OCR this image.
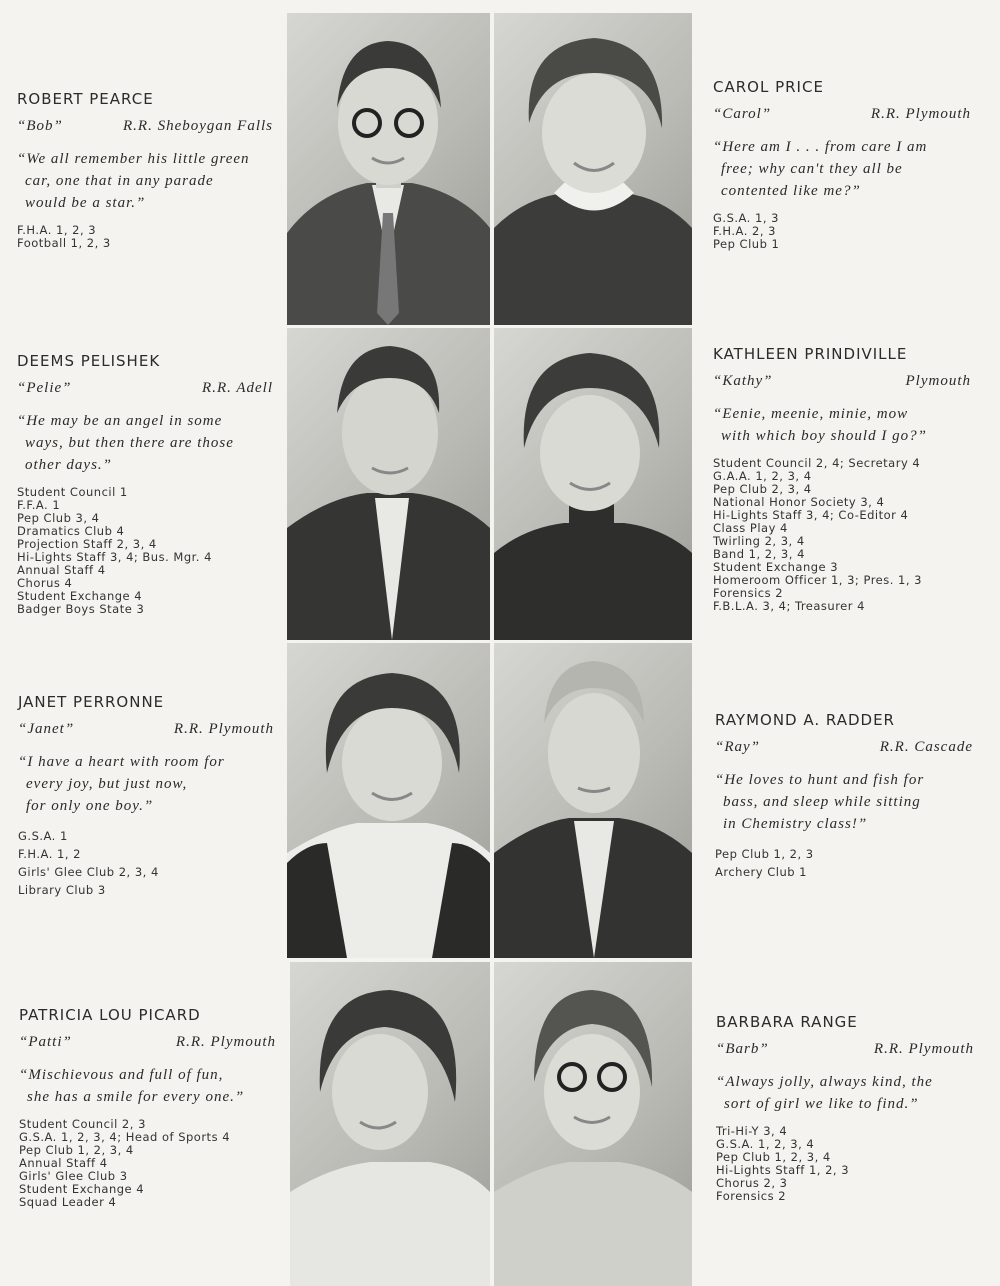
ROBERT PEARCE
“Bob”	R.R. Sheboygan Falls
“We all remember his little green
car, one that in any parade
would be a star.”
F.H.A. 1, 2, 3
Football 1, 2, 3
CAROL PRICE
“Carol”	R.R. Plymouth
“Here am I . . . from care I am
free; why can't they all be
contented like me?”
G.S.A. 1, 3
F.H.A. 2, 3
Pep Club 1
DEEMS PELISHEK
“Pelie”	R.R. Adell
“He may be an angel in some
ways, but then there are those
other days.”
Student Council 1
F.F.A. 1
Pep Club 3, 4
Dramatics Club 4
Projection Staff 2, 3, 4
Hi-Lights Staff 3, 4; Bus. Mgr. 4
Annual Staff 4
Chorus 4
Student Exchange 4
Badger Boys State 3
KATHLEEN PRINDIVILLE
“Kathy”	Plymouth
“Eenie, meenie, minie, mow
with which boy should I go?”
Student Council 2, 4; Secretary 4
G.A.A. 1, 2, 3, 4
Pep Club 2, 3, 4
National Honor Society 3, 4
Hi-Lights Staff 3, 4; Co-Editor 4
Class Play 4
Twirling 2, 3, 4
Band 1, 2, 3, 4
Student Exchange 3
Homeroom Officer 1, 3; Pres. 1, 3
Forensics 2
F.B.L.A. 3, 4; Treasurer 4
JANET PERRONNE
“Janet”	R.R. Plymouth
“I have a heart with room for
every joy, but just now,
for only one boy.”
G.S.A. 1
F.H.A. 1, 2
Girls' Glee Club 2, 3, 4
Library Club 3
RAYMOND A. RADDER
“Ray”	R.R. Cascade
“He loves to hunt and fish for
bass, and sleep while sitting
in Chemistry class!”
Pep Club 1, 2, 3
Archery Club 1
PATRICIA LOU PICARD
“Patti”	R.R. Plymouth
“Mischievous and full of fun,
she has a smile for every one.”
Student Council 2, 3
G.S.A. 1, 2, 3, 4; Head of Sports 4
Pep Club 1, 2, 3, 4
Annual Staff 4
Girls' Glee Club 3
Student Exchange 4
Squad Leader 4
BARBARA RANGE
“Barb”	R.R. Plymouth
“Always jolly, always kind, the
sort of girl we like to find.”
Tri-Hi-Y 3, 4
G.S.A. 1, 2, 3, 4
Pep Club 1, 2, 3, 4
Hi-Lights Staff 1, 2, 3
Chorus 2, 3
Forensics 2
